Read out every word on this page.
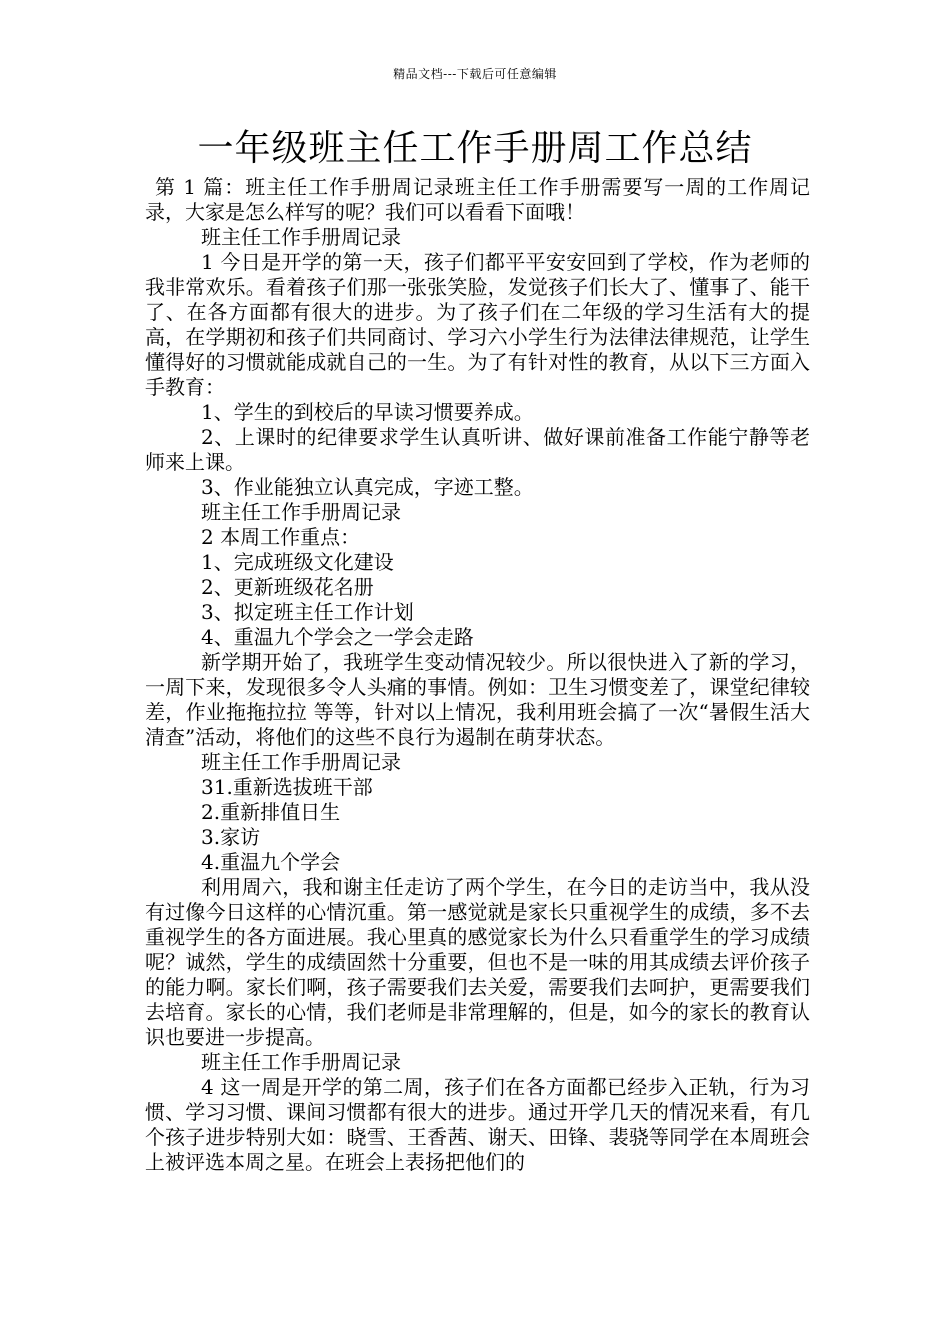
精品文档---下载后可任意编辑
一年级班主任工作手册周工作总结

第 1 篇：班主任工作手册周记录班主任工作手册需要写一周的工作周记录，大家是怎么样写的呢？我们可以看看下面哦！

班主任工作手册周记录

1 今日是开学的第一天，孩子们都平平安安回到了学校，作为老师的我非常欢乐。看着孩子们那一张张笑脸，发觉孩子们长大了、懂事了、能干了、在各方面都有很大的进步。为了孩子们在二年级的学习生活有大的提高，在学期初和孩子们共同商讨、学习六小学生行为法律法律规范，让学生懂得好的习惯就能成就自己的一生。为了有针对性的教育，从以下三方面入手教育：

1、学生的到校后的早读习惯要养成。

2、上课时的纪律要求学生认真听讲、做好课前准备工作能宁静等老师来上课。

3、作业能独立认真完成，字迹工整。

班主任工作手册周记录

2 本周工作重点：

1、完成班级文化建设

2、更新班级花名册

3、拟定班主任工作计划

4、重温九个学会之一学会走路

新学期开始了，我班学生变动情况较少。所以很快进入了新的学习，一周下来，发现很多令人头痛的事情。例如：卫生习惯变差了，课堂纪律较差，作业拖拖拉拉 等等，针对以上情况，我利用班会搞了一次“暑假生活大清查”活动，将他们的这些不良行为遏制在萌芽状态。

班主任工作手册周记录

31.重新选拔班干部

2.重新排值日生

3.家访

4.重温九个学会

利用周六，我和谢主任走访了两个学生，在今日的走访当中，我从没有过像今日这样的心情沉重。第一感觉就是家长只重视学生的成绩，多不去重视学生的各方面进展。我心里真的感觉家长为什么只看重学生的学习成绩呢？诚然，学生的成绩固然十分重要，但也不是一味的用其成绩去评价孩子的能力啊。家长们啊，孩子需要我们去关爱，需要我们去呵护，更需要我们去培育。家长的心情，我们老师是非常理解的，但是，如今的家长的教育认识也要进一步提高。

班主任工作手册周记录

4 这一周是开学的第二周，孩子们在各方面都已经步入正轨，行为习惯、学习习惯、课间习惯都有很大的进步。通过开学几天的情况来看，有几个孩子进步特别大如：晓雪、王香茜、谢天、田锋、裴骁等同学在本周班会上被评选本周之星。在班会上表扬把他们的
